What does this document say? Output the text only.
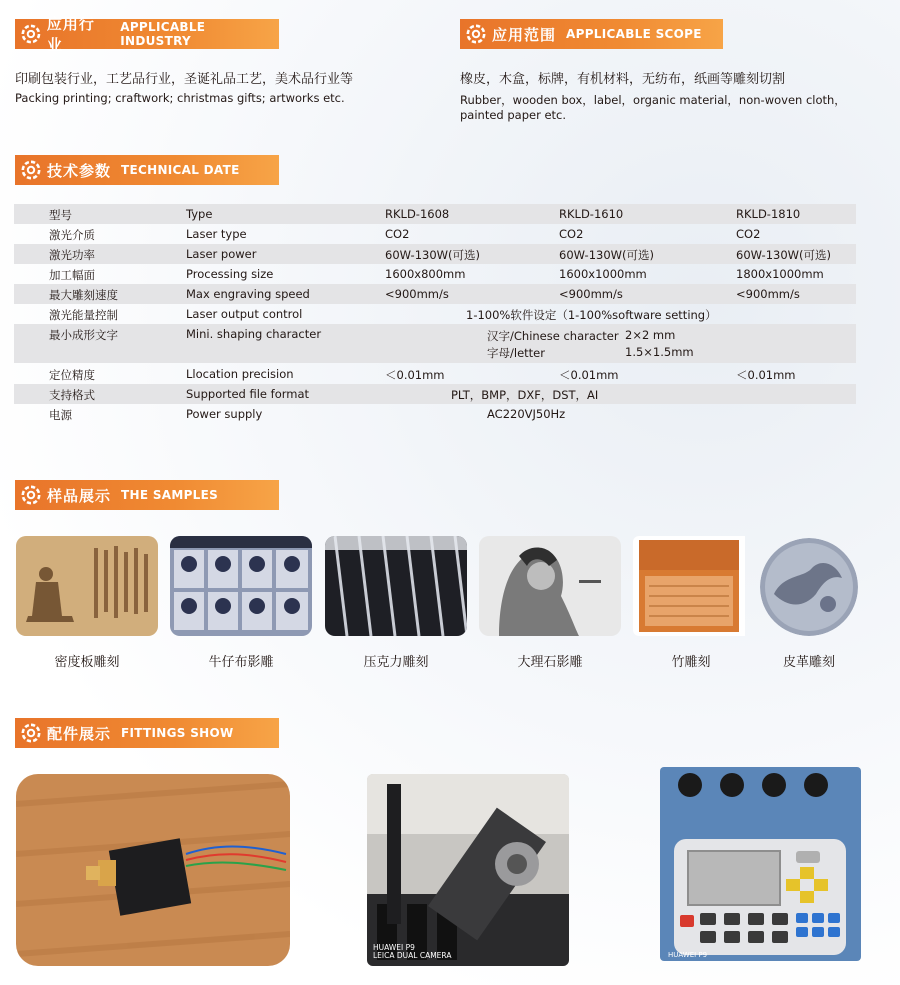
应用行业
APPLICABLE INDUSTRY
印刷包装行业，工艺品行业，圣诞礼品工艺，美术品行业等
Packing printing; craftwork; christmas gifts; artworks etc.
应用范围 APPLICABLE SCOPE
橡皮，木盒，标牌，有机材料，无纺布，纸画等雕刻切割
Rubber，wooden box，label，organic material，non-woven cloth，
painted paper etc.
技术参数 TECHNICAL DATE
型号	Type	RKLD-1608	RKLD-1610	RKLD-1810
激光介质	Laser type	CO2	CO2	CO2
激光功率	Laser power	60W-130W(可选)	60W-130W(可选)	60W-130W(可选)
加工幅面	Processing size	1600x800mm	1600x1000mm	1800x1000mm
最大雕刻速度	Max engraving speed	<900mm/s	<900mm/s	<900mm/s
激光能量控制	Laser output control	1-100%软件设定（1-100%software setting）
最小成形文字	Mini. shaping character	汉字/Chinese character 2×2 mm
字母/letter	1.5×1.5mm
定位精度	Llocation precision	＜0.01mm	＜0.01mm	＜0.01mm
支持格式	Supported file format	PLT，BMP，DXF，DST，AI
电源	Power supply	AC220VJ50Hz
样品展示 THE SAMPLES
密度板雕刻	牛仔布影雕	压克力雕刻	大理石影雕	竹雕刻	皮革雕刻
配件展示 FITTINGS SHOW
HUAWEI P9
LEICA DUAL CAMERA	HUAWEI P9
